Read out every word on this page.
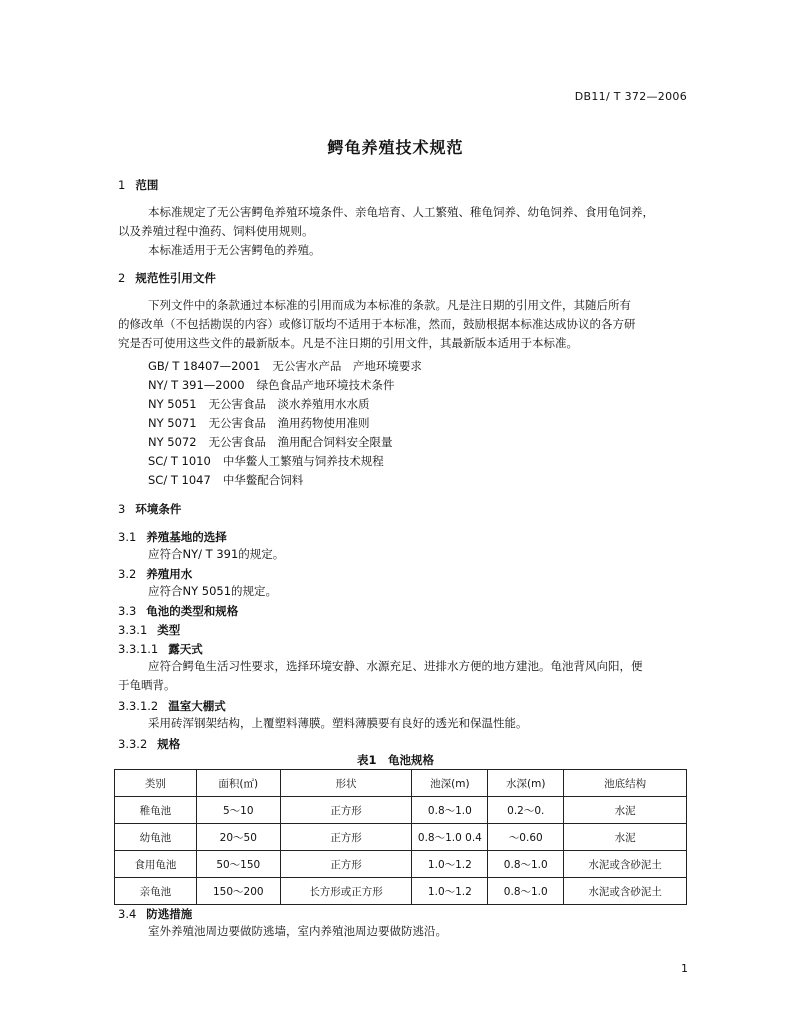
DB11/ T 372—2006
鳄龟养殖技术规范
1 范围
本标准规定了无公害鳄龟养殖环境条件、亲龟培育、人工繁殖、稚龟饲养、幼龟饲养、食用龟饲养，
以及养殖过程中渔药、饲料使用规则。
本标准适用于无公害鳄龟的养殖。
2 规范性引用文件
下列文件中的条款通过本标准的引用而成为本标准的条款。凡是注日期的引用文件，其随后所有
的修改单（不包括勘误的内容）或修订版均不适用于本标准，然而，鼓励根据本标准达成协议的各方研
究是否可使用这些文件的最新版本。凡是不注日期的引用文件，其最新版本适用于本标准。
GB/ T 18407—2001 无公害水产品　产地环境要求
NY/ T 391—2000 绿色食品产地环境技术条件
NY 5051 无公害食品　淡水养殖用水水质
NY 5071 无公害食品　渔用药物使用准则
NY 5072 无公害食品　渔用配合饲料安全限量
SC/ T 1010 中华鳖人工繁殖与饲养技术规程
SC/ T 1047 中华鳖配合饲料
3 环境条件
3.1 养殖基地的选择
应符合NY/ T 391的规定。
3.2 养殖用水
应符合NY 5051的规定。
3.3 龟池的类型和规格
3.3.1 类型
3.3.1.1 露天式
应符合鳄龟生活习性要求，选择环境安静、水源充足、进排水方便的地方建池。龟池背风向阳，便
于龟晒背。
3.3.1.2 温室大棚式
采用砖浑钢架结构，上覆塑料薄膜。塑料薄膜要有良好的透光和保温性能。
3.3.2 规格
表1　龟池规格
类别	面积(㎡)	形状	池深(m)	水深(m)	池底结构
稚龟池	5～10	正方形	0.8～1.0	0.2～0.	水泥
幼龟池	20～50	正方形	0.8～1.0 0.4	～0.60	水泥
食用龟池	50～150	正方形	1.0～1.2	0.8～1.0	水泥或含砂泥土
亲龟池	150～200	长方形或正方形	1.0～1.2	0.8～1.0	水泥或含砂泥土
3.4 防逃措施
室外养殖池周边要做防逃墙，室内养殖池周边要做防逃沿。
1
